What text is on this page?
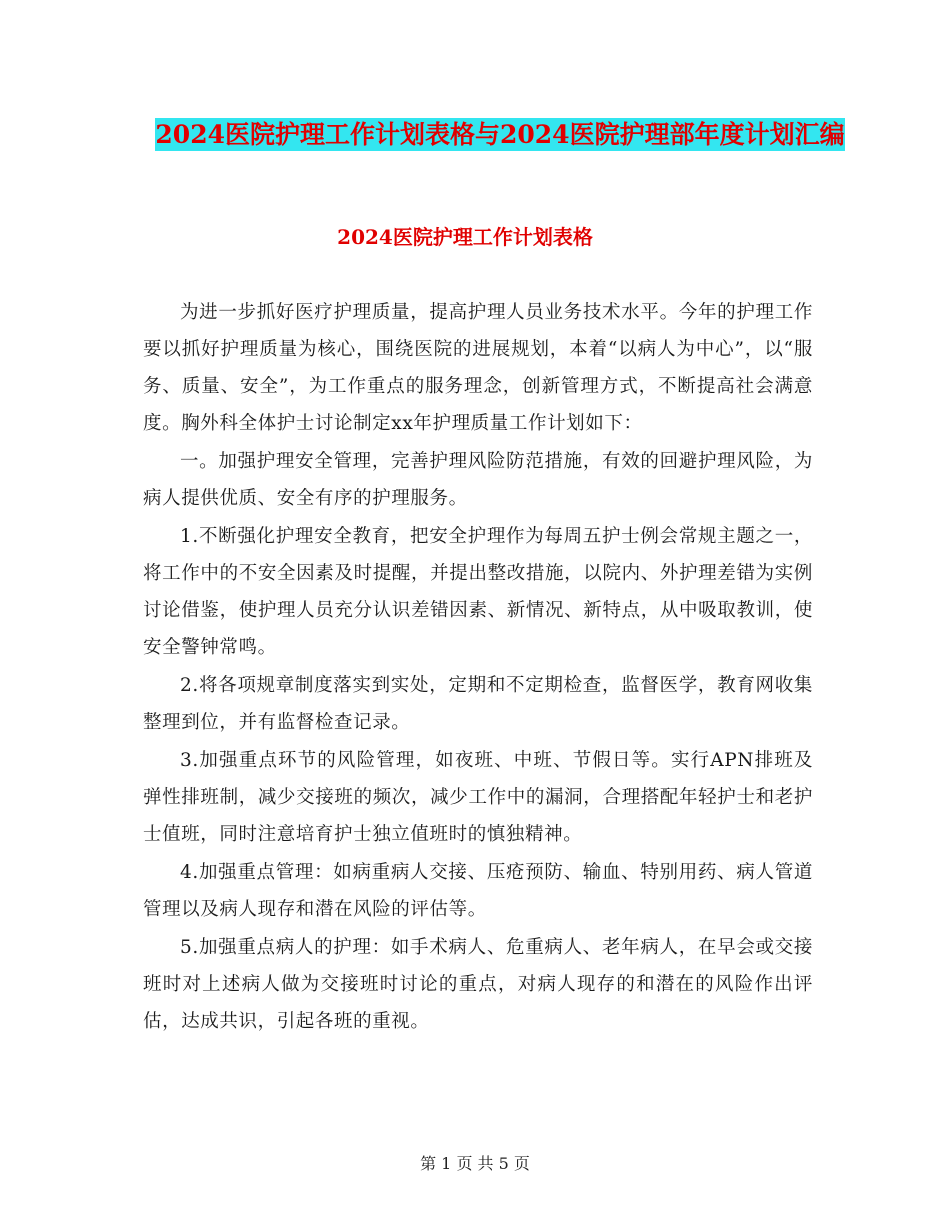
2024医院护理工作计划表格与2024医院护理部年度计划汇编
2024医院护理工作计划表格

为进一步抓好医疗护理质量，提高护理人员业务技术水平。今年的护理工作要以抓好护理质量为核心，围绕医院的进展规划，本着“以病人为中心”，以“服务、质量、安全”，为工作重点的服务理念，创新管理方式，不断提高社会满意度。胸外科全体护士讨论制定xx年护理质量工作计划如下：

一。加强护理安全管理，完善护理风险防范措施，有效的回避护理风险，为病人提供优质、安全有序的护理服务。

1.不断强化护理安全教育，把安全护理作为每周五护士例会常规主题之一，将工作中的不安全因素及时提醒，并提出整改措施，以院内、外护理差错为实例讨论借鉴，使护理人员充分认识差错因素、新情况、新特点，从中吸取教训，使安全警钟常鸣。

2.将各项规章制度落实到实处，定期和不定期检查，监督医学，教育网收集整理到位，并有监督检查记录。

3.加强重点环节的风险管理，如夜班、中班、节假日等。实行APN排班及弹性排班制，减少交接班的频次，减少工作中的漏洞，合理搭配年轻护士和老护士值班，同时注意培育护士独立值班时的慎独精神。

4.加强重点管理：如病重病人交接、压疮预防、输血、特别用药、病人管道管理以及病人现存和潜在风险的评估等。

5.加强重点病人的护理：如手术病人、危重病人、老年病人，在早会或交接班时对上述病人做为交接班时讨论的重点，对病人现存的和潜在的风险作出评估，达成共识，引起各班的重视。

第 1 页 共 5 页
